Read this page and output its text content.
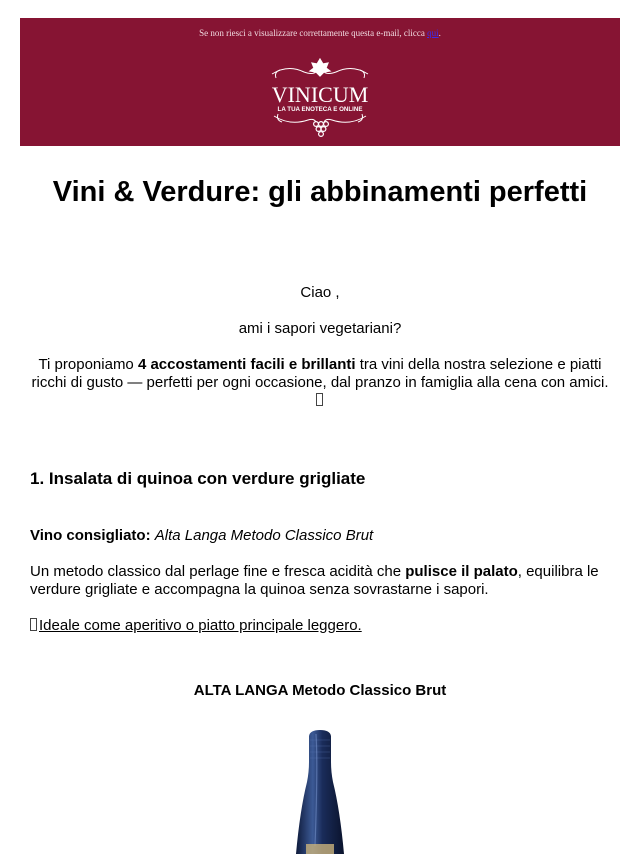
Se non riesci a visualizzare correttamente questa e-mail, clicca qui.
VINICUM
LA TUA ENOTECA E ONLINE
Vini & Verdure: gli abbinamenti perfetti

Ciao ,

ami i sapori vegetariani?

Ti proponiamo 4 accostamenti facili e brillanti tra vini della nostra selezione e piatti ricchi di gusto — perfetti per ogni occasione, dal pranzo in famiglia alla cena con amici.

1. Insalata di quinoa con verdure grigliate

Vino consigliato: Alta Langa Metodo Classico Brut

Un metodo classico dal perlage fine e fresca acidità che pulisce il palato, equilibra le verdure grigliate e accompagna la quinoa senza sovrastarne i sapori.

Ideale come aperitivo o piatto principale leggero.

ALTA LANGA Metodo Classico Brut
